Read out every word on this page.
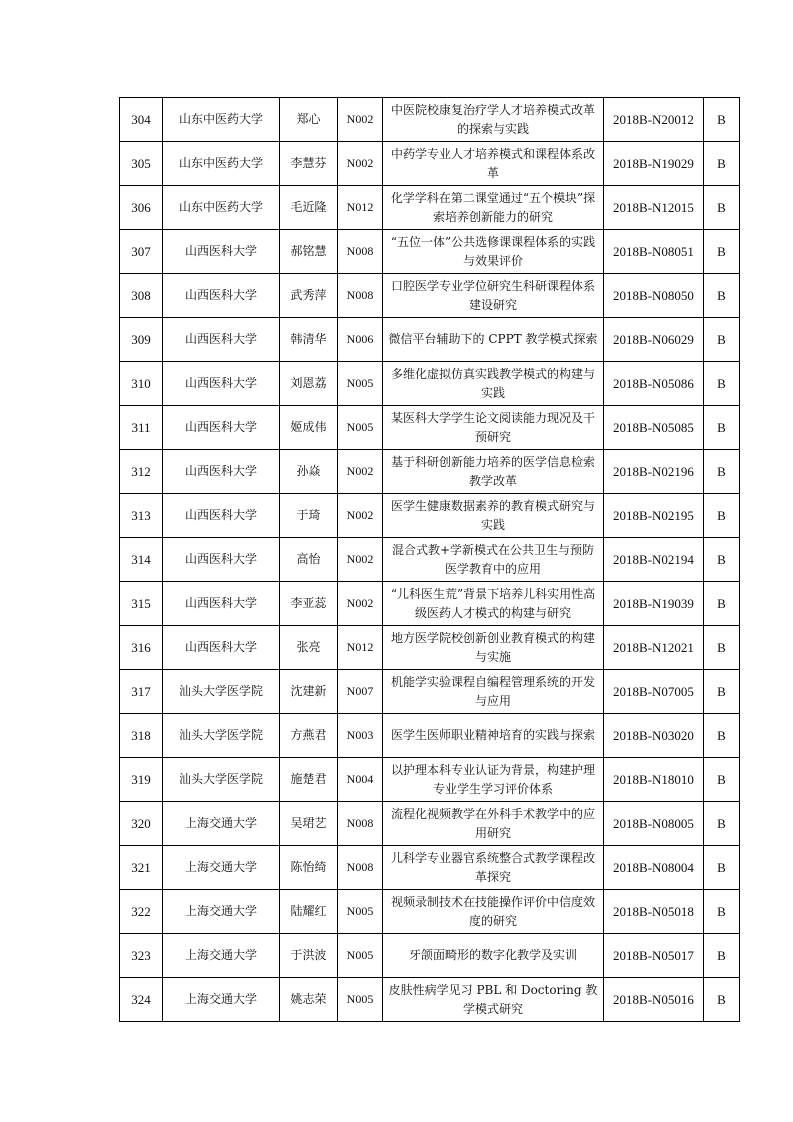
304	山东中医药大学	郑心	N002	中医院校康复治疗学人才培养模式改革的探索与实践	2018B-N20012	B
305	山东中医药大学	李慧芬	N002	中药学专业人才培养模式和课程体系改革	2018B-N19029	B
306	山东中医药大学	毛近隆	N012	化学学科在第二课堂通过“五个模块”探索培养创新能力的研究	2018B-N12015	B
307	山西医科大学	郝铭慧	N008	“五位一体”公共选修课课程体系的实践与效果评价	2018B-N08051	B
308	山西医科大学	武秀萍	N008	口腔医学专业学位研究生科研课程体系建设研究	2018B-N08050	B
309	山西医科大学	韩清华	N006	微信平台辅助下的 CPPT 教学模式探索	2018B-N06029	B
310	山西医科大学	刘恩荔	N005	多维化虚拟仿真实践教学模式的构建与实践	2018B-N05086	B
311	山西医科大学	姬成伟	N005	某医科大学学生论文阅读能力现况及干预研究	2018B-N05085	B
312	山西医科大学	孙焱	N002	基于科研创新能力培养的医学信息检索教学改革	2018B-N02196	B
313	山西医科大学	于琦	N002	医学生健康数据素养的教育模式研究与实践	2018B-N02195	B
314	山西医科大学	高怡	N002	混合式教+学新模式在公共卫生与预防医学教育中的应用	2018B-N02194	B
315	山西医科大学	李亚蕊	N002	“儿科医生荒”背景下培养儿科实用性高级医药人才模式的构建与研究	2018B-N19039	B
316	山西医科大学	张亮	N012	地方医学院校创新创业教育模式的构建与实施	2018B-N12021	B
317	汕头大学医学院	沈建新	N007	机能学实验课程自编程管理系统的开发与应用	2018B-N07005	B
318	汕头大学医学院	方燕君	N003	医学生医师职业精神培育的实践与探索	2018B-N03020	B
319	汕头大学医学院	施楚君	N004	以护理本科专业认证为背景，构建护理专业学生学习评价体系	2018B-N18010	B
320	上海交通大学	吴珺艺	N008	流程化视频教学在外科手术教学中的应用研究	2018B-N08005	B
321	上海交通大学	陈怡绮	N008	儿科学专业器官系统整合式教学课程改革探究	2018B-N08004	B
322	上海交通大学	陆耀红	N005	视频录制技术在技能操作评价中信度效度的研究	2018B-N05018	B
323	上海交通大学	于洪波	N005	牙颌面畸形的数字化教学及实训	2018B-N05017	B
324	上海交通大学	姚志荣	N005	皮肤性病学见习 PBL 和 Doctoring 教学模式研究	2018B-N05016	B
